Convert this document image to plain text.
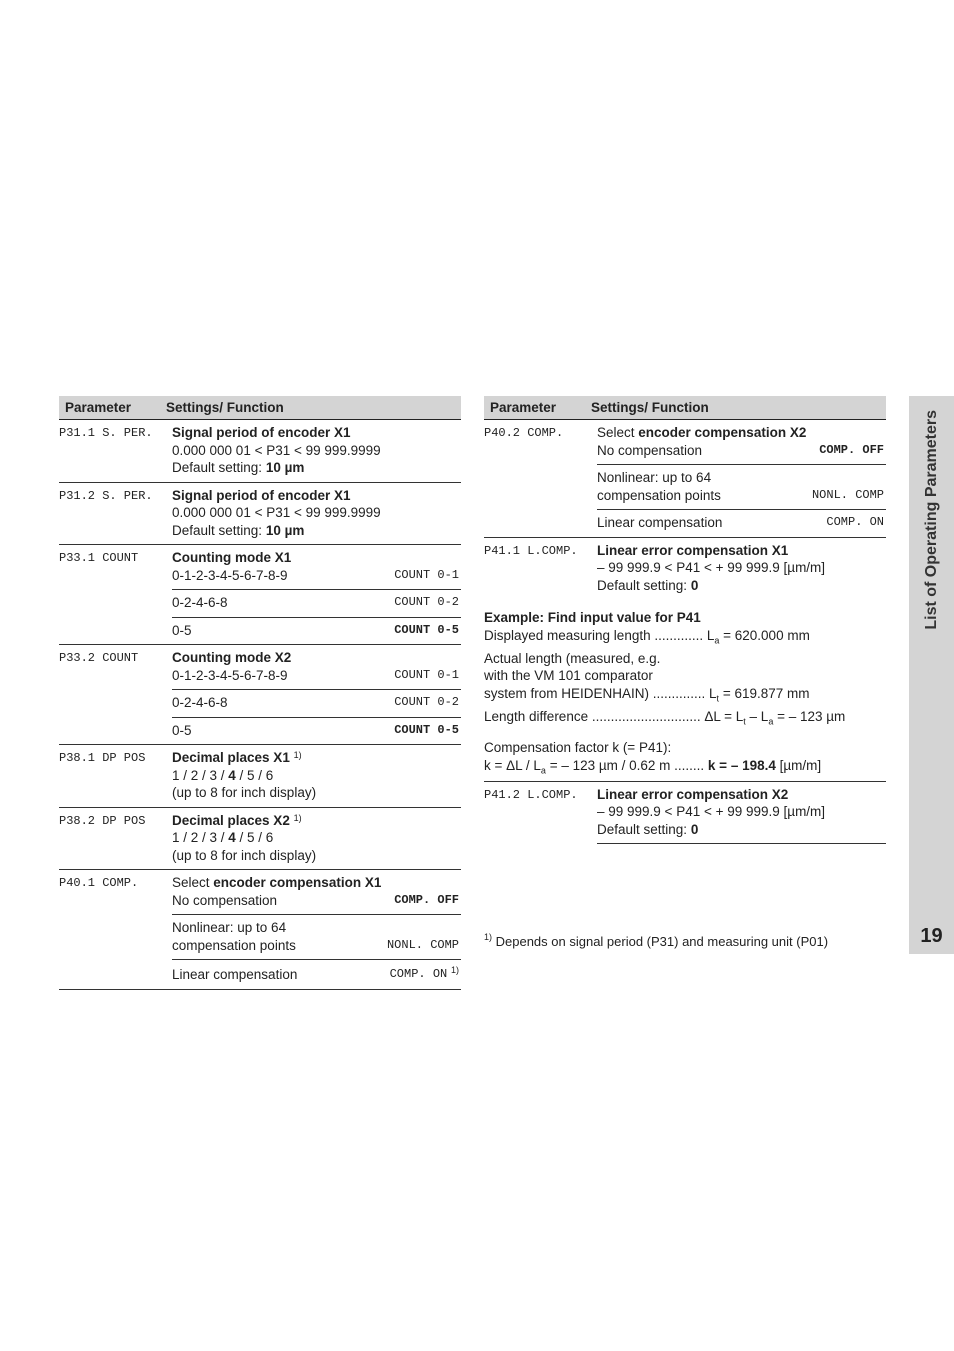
Parameter	Settings/ Function
P31.1 S. PER.	Signal period of encoder X1
0.000 000 01 < P31 < 99 999.9999
Default setting: 10 µm
P31.2 S. PER.	Signal period of encoder X1
0.000 000 01 < P31 < 99 999.9999
Default setting: 10 µm
P33.1 COUNT	Counting mode X1
0-1-2-3-4-5-6-7-8-9	COUNT 0-1
0-2-4-6-8	COUNT 0-2
0-5	COUNT 0-5
P33.2 COUNT	Counting mode X2
0-1-2-3-4-5-6-7-8-9	COUNT 0-1
0-2-4-6-8	COUNT 0-2
0-5	COUNT 0-5
P38.1 DP POS	Decimal places X1 $^{1)}$
1 / 2 / 3 / 4 / 5 / 6
(up to 8 for inch display)
P38.2 DP POS	Decimal places X2 $^{1)}$
1 / 2 / 3 / 4 / 5 / 6
(up to 8 for inch display)
P40.1 COMP.	Select encoder compensation X1
No compensation	COMP. OFF
Nonlinear: up to 64
compensation points	NONL. COMP
Linear compensation	COMP. ON $^{1)}$
Parameter	Settings/ Function
P40.2 COMP.	Select encoder compensation X2
No compensation	COMP. OFF
Nonlinear: up to 64
compensation points	NONL. COMP
Linear compensation	COMP. ON
P41.1 L.COMP.	Linear error compensation X1
– 99 999.9 < P41 < + 99 999.9 [µm/m]
Default setting: 0
Example: Find input value for P41
Displayed measuring length ............. $L_a = 620.000$ mm
Actual length (measured, e.g.
with the VM 101 comparator
system from HEIDENHAIN) .............. $L_t = 619.877$ mm
Length difference ............................. $\Delta L = L_t - L_a$ = – 123 µm
Compensation factor k (= P41):
$k = \Delta L / L_a$ = – 123 µm / 0.62 m ........ k = – 198.4 [µm/m]
P41.2 L.COMP.	Linear error compensation X2
– 99 999.9 < P41 < + 99 999.9 [µm/m]
Default setting: 0
$^{1)}$ Depends on signal period (P31) and measuring unit (P01)
List of Operating Parameters
19
